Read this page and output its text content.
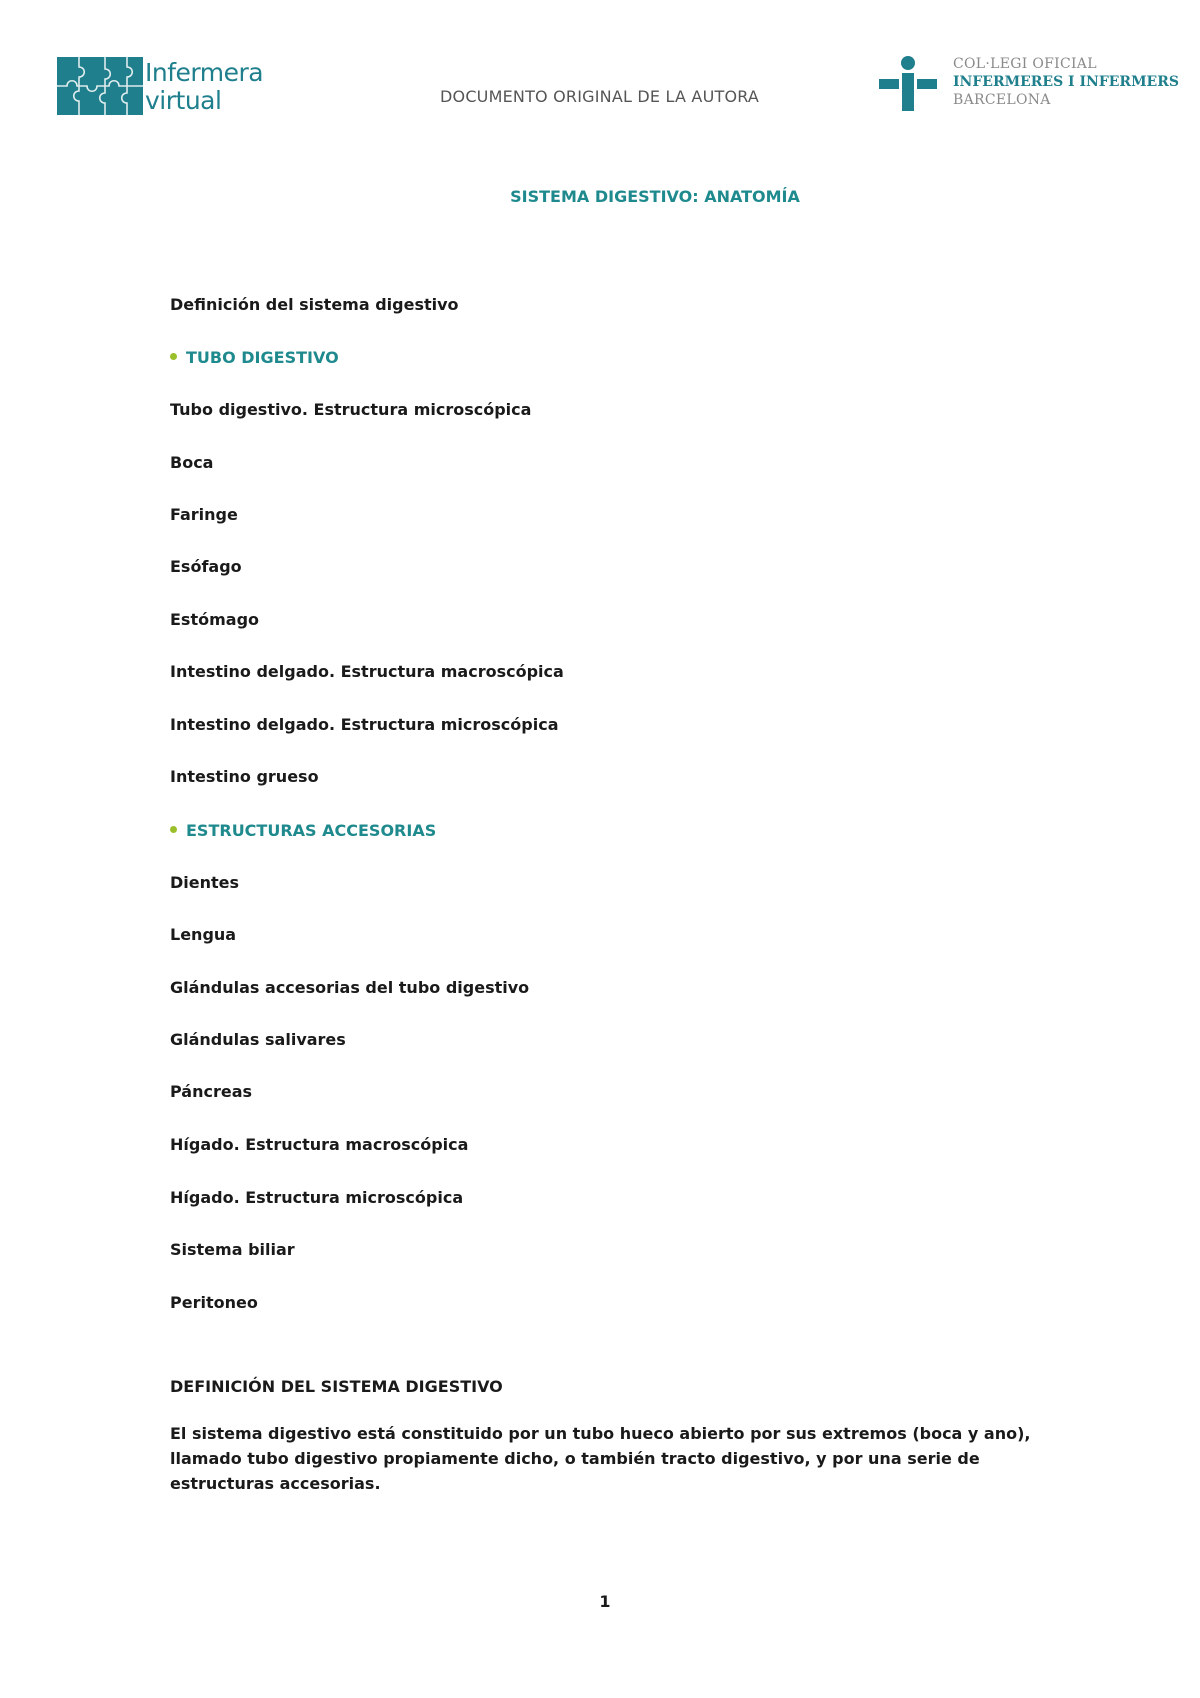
Infermera
virtual	DOCUMENTO ORIGINAL DE LA AUTORA
COL·LEGI OFICIAL
INFERMERES I INFERMERS
BARCELONA
SISTEMA DIGESTIVO: ANATOMÍA
Definición del sistema digestivo
TUBO DIGESTIVO
Tubo digestivo. Estructura microscópica
Boca
Faringe
Esófago
Estómago
Intestino delgado. Estructura macroscópica
Intestino delgado. Estructura microscópica
Intestino grueso
ESTRUCTURAS ACCESORIAS
Dientes
Lengua
Glándulas accesorias del tubo digestivo
Glándulas salivares
Páncreas
Hígado. Estructura macroscópica
Hígado. Estructura microscópica
Sistema biliar
Peritoneo
DEFINICIÓN DEL SISTEMA DIGESTIVO
El sistema digestivo está constituido por un tubo hueco abierto por sus extremos (boca y ano), llamado tubo digestivo propiamente dicho, o también tracto digestivo, y por una serie de estructuras accesorias.
1
